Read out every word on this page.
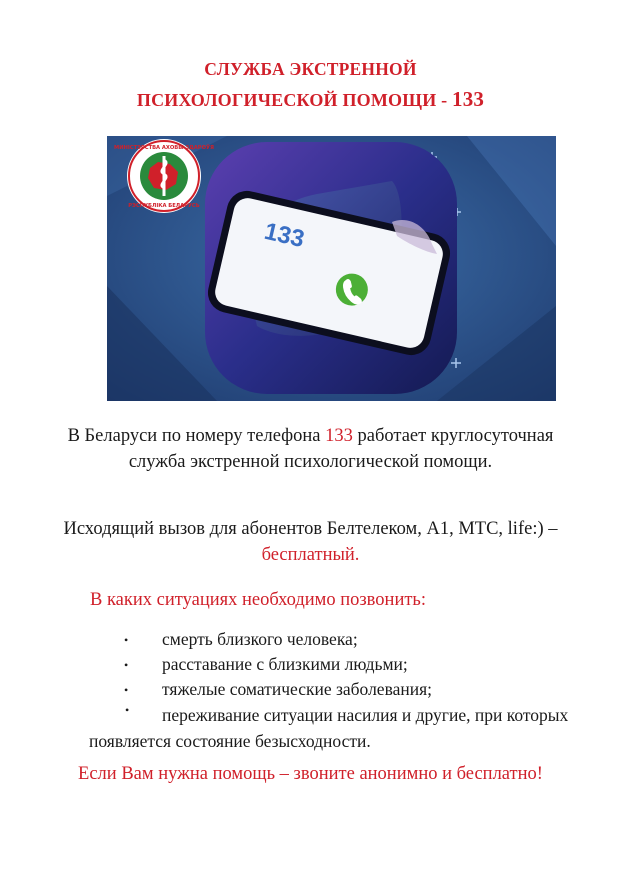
СЛУЖБА ЭКСТРЕННОЙ
ПСИХОЛОГИЧЕСКОЙ ПОМОЩИ - 133
133
МИНІСТЭРСТВА АХОВЫ ЗДАРОЎЯ
РЭСПУБЛІКА БЕЛАРУСЬ
В Беларуси по номеру телефона 133 работает круглосуточная служба экстренной психологической помощи.
Исходящий вызов для абонентов Белтелеком, А1, МТС, life:) – бесплатный.
В каких ситуациях необходимо позвонить:
• смерть близкого человека;
• расставание с близкими людьми;
• тяжелые соматические заболевания;
•	переживание ситуации насилия и другие, при которых появляется состояние безысходности.
Если Вам нужна помощь – звоните анонимно и бесплатно!
